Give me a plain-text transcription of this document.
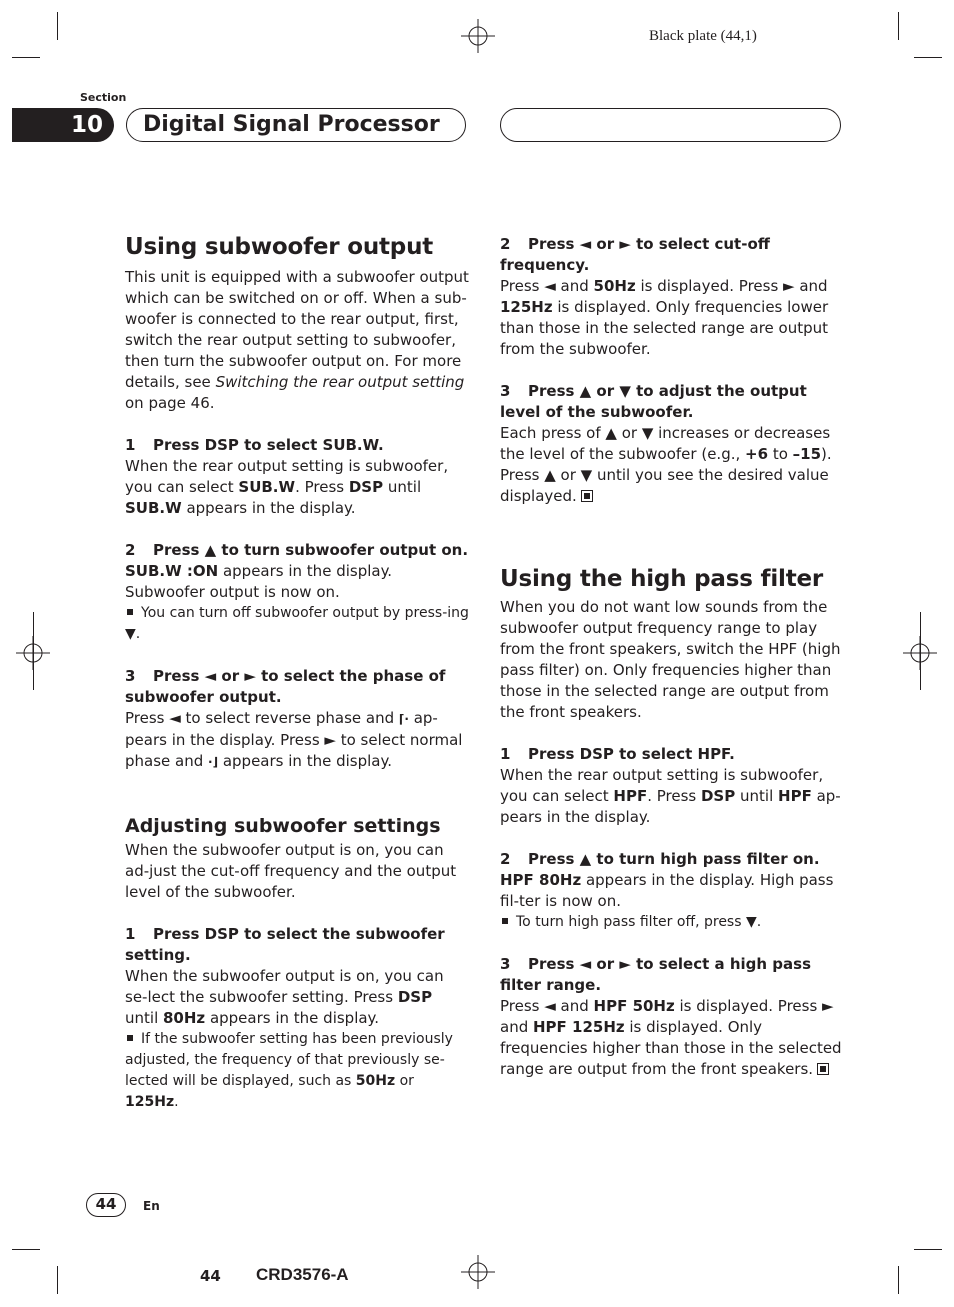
Black plate (44,1)
Section
10	Digital Signal Processor
Using subwoofer output

This unit is equipped with a subwoofer output which can be switched on or off. When a sub-woofer is connected to the rear output, first, switch the rear output setting to subwoofer, then turn the subwoofer output on. For more details, see Switching the rear output setting on page 46.

1 Press DSP to select SUB.W.

When the rear output setting is subwoofer, you can select SUB.W. Press DSP until SUB.W appears in the display.

2 Press ▲ to turn subwoofer output on.

SUB.W :ON appears in the display. Subwoofer output is now on.

You can turn off subwoofer output by press-ing ▼.

3 Press ◄ or ► to select the phase of subwoofer output.

Press ◄ to select reverse phase and ⌈· ap-pears in the display. Press ► to select normal phase and ·⌋ appears in the display.

Adjusting subwoofer settings

When the subwoofer output is on, you can ad-just the cut-off frequency and the output level of the subwoofer.

1 Press DSP to select the subwoofer setting.

When the subwoofer output is on, you can se-lect the subwoofer setting. Press DSP until 80Hz appears in the display.

If the subwoofer setting has been previously adjusted, the frequency of that previously se-lected will be displayed, such as 50Hz or 125Hz.

2 Press ◄ or ► to select cut-off frequency.

Press ◄ and 50Hz is displayed. Press ► and 125Hz is displayed. Only frequencies lower than those in the selected range are output from the subwoofer.

3 Press ▲ or ▼ to adjust the output level of the subwoofer.

Each press of ▲ or ▼ increases or decreases the level of the subwoofer (e.g., +6 to –15). Press ▲ or ▼ until you see the desired value displayed.

Using the high pass filter

When you do not want low sounds from the subwoofer output frequency range to play from the front speakers, switch the HPF (high pass filter) on. Only frequencies higher than those in the selected range are output from the front speakers.

1 Press DSP to select HPF.

When the rear output setting is subwoofer, you can select HPF. Press DSP until HPF ap-pears in the display.

2 Press ▲ to turn high pass filter on.

HPF 80Hz appears in the display. High pass fil-ter is now on.

To turn high pass filter off, press ▼.

3 Press ◄ or ► to select a high pass filter range.

Press ◄ and HPF 50Hz is displayed. Press ► and HPF 125Hz is displayed. Only frequencies higher than those in the selected range are output from the front speakers.

44	En
44 CRD3576-A
